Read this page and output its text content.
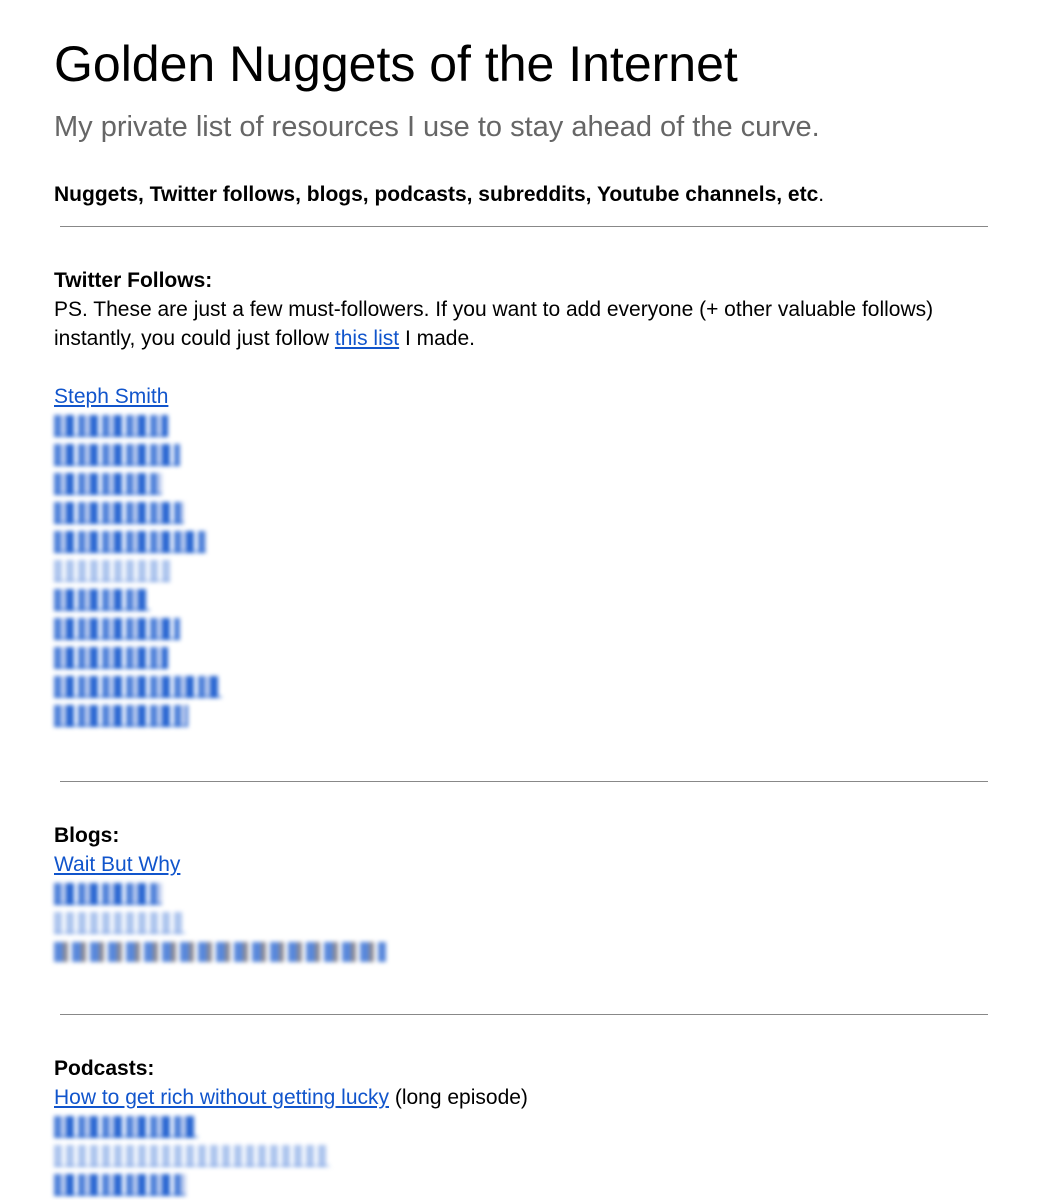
Golden Nuggets of the Internet

My private list of resources I use to stay ahead of the curve.

Nuggets, Twitter follows, blogs, podcasts, subreddits, Youtube channels, etc.

Twitter Follows:

PS. These are just a few must-followers. If you want to add everyone (+ other valuable follows) instantly, you could just follow this list I made.

Steph Smith
Blogs:
Wait But Why
Podcasts:
How to get rich without getting lucky (long episode)
